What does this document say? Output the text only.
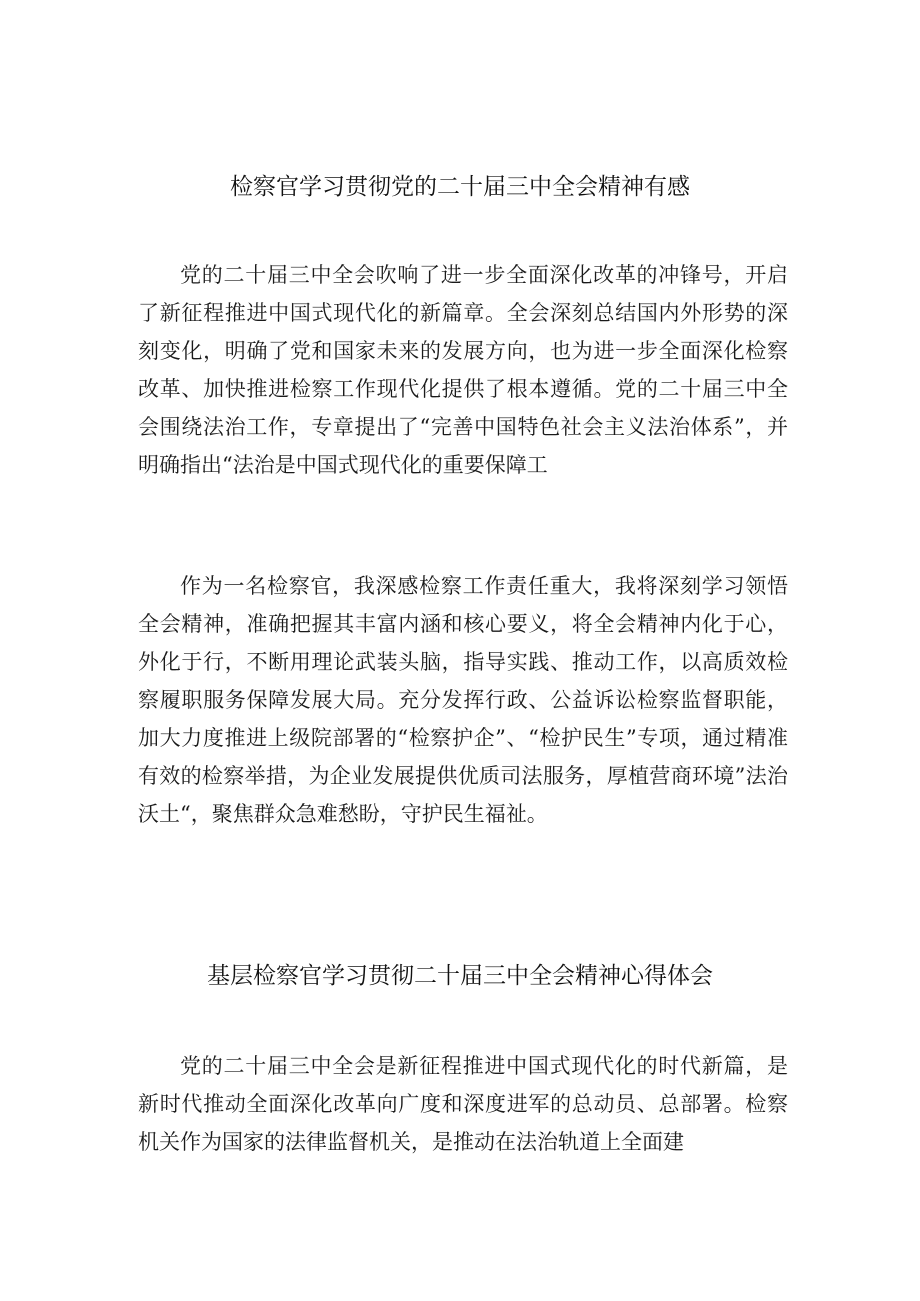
检察官学习贯彻党的二十届三中全会精神有感

党的二十届三中全会吹响了进一步全面深化改革的冲锋号，开启了新征程推进中国式现代化的新篇章。全会深刻总结国内外形势的深刻变化，明确了党和国家未来的发展方向，也为进一步全面深化检察改革、加快推进检察工作现代化提供了根本遵循。党的二十届三中全会围绕法治工作，专章提出了“完善中国特色社会主义法治体系”，并明确指出“法治是中国式现代化的重要保障工

作为一名检察官，我深感检察工作责任重大，我将深刻学习领悟全会精神，准确把握其丰富内涵和核心要义，将全会精神内化于心，外化于行，不断用理论武装头脑，指导实践、推动工作，以高质效检察履职服务保障发展大局。充分发挥行政、公益诉讼检察监督职能，加大力度推进上级院部署的“检察护企”、“检护民生”专项，通过精准有效的检察举措，为企业发展提供优质司法服务，厚植营商环境”法治沃土“，聚焦群众急难愁盼，守护民生福祉。

基层检察官学习贯彻二十届三中全会精神心得体会

党的二十届三中全会是新征程推进中国式现代化的时代新篇，是新时代推动全面深化改革向广度和深度进军的总动员、总部署。检察机关作为国家的法律监督机关，是推动在法治轨道上全面建
